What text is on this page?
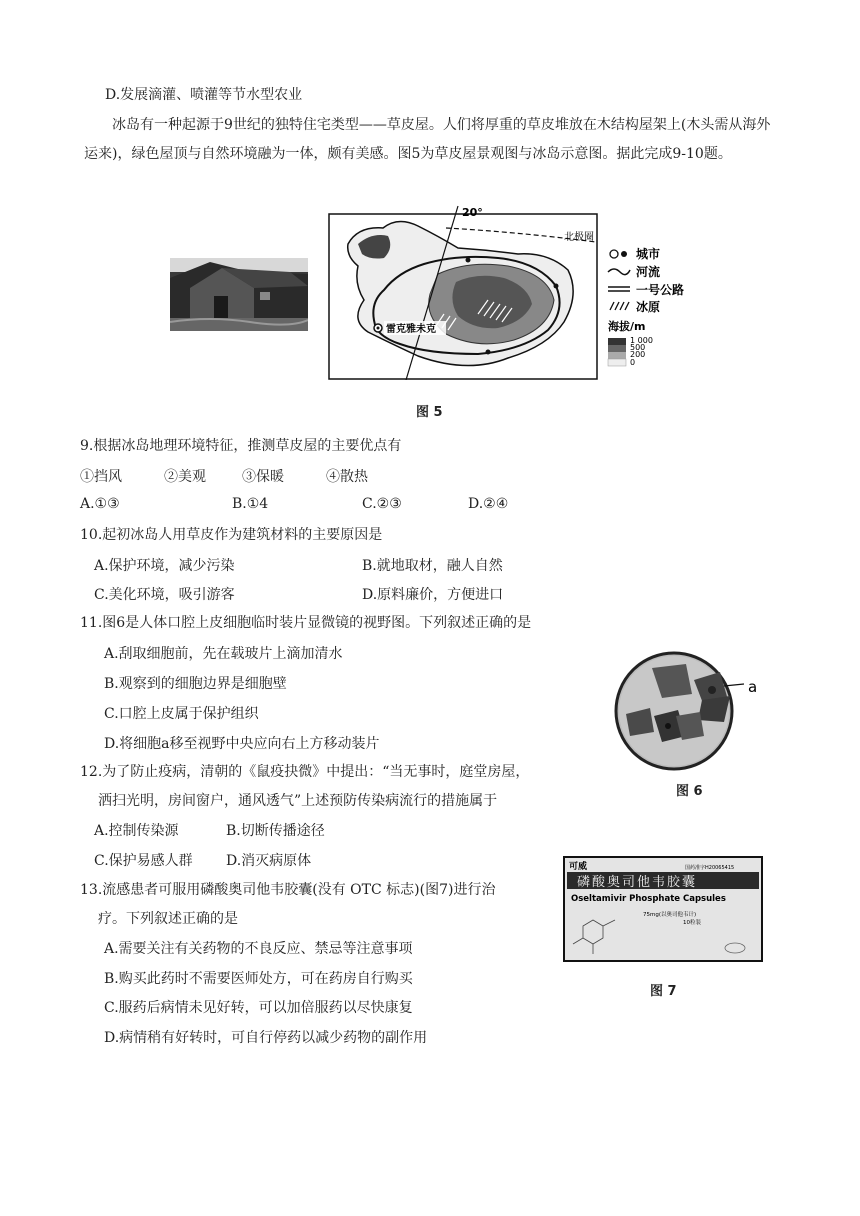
D.发展滴灌、喷灌等节水型农业
冰岛有一种起源于9世纪的独特住宅类型——草皮屋。人们将厚重的草皮堆放在木结构屋架上(木头需从海外运来)，绿色屋顶与自然环境融为一体，颇有美感。图5为草皮屋景观图与冰岛示意图。据此完成9-10题。
20°
北极圈
雷克雅未克
城市
河流
一号公路
冰原
海拔/m
1 000
500
200
0
图 5
9.根据冰岛地理环境特征，推测草皮屋的主要优点有
①挡风	②美观	③保暖	④散热
A.①③	B.①4	C.②③	D.②④
10.起初冰岛人用草皮作为建筑材料的主要原因是
A.保护环境，减少污染	B.就地取材，融人自然
C.美化环境，吸引游客	D.原料廉价，方便进口
11.图6是人体口腔上皮细胞临时装片显微镜的视野图。下列叙述正确的是
A.刮取细胞前，先在载玻片上滴加清水
B.观察到的细胞边界是细胞壁
C.口腔上皮属于保护组织
D.将细胞a移至视野中央应向右上方移动装片
a
图 6
12.为了防止疫病，清朝的《鼠疫抉微》中提出：“当无事时，庭堂房屋，
洒扫光明，房间窗户，通风透气”上述预防传染病流行的措施属于
A.控制传染源	B.切断传播途径
C.保护易感人群 D.消灭病原体	可威	国药准字H20065415
磷酸奥司他韦胶囊
Oseltamivir Phosphate Capsules
75mg(以奥司他韦计)
10粒装
图 7
13.流感患者可服用磷酸奥司他韦胶囊(没有 OTC 标志)(图7)进行治
疗。下列叙述正确的是
A.需要关注有关药物的不良反应、禁忌等注意事项
B.购买此药时不需要医师处方，可在药房自行购买
C.服药后病情未见好转，可以加倍服药以尽快康复
D.病情稍有好转时，可自行停药以减少药物的副作用
